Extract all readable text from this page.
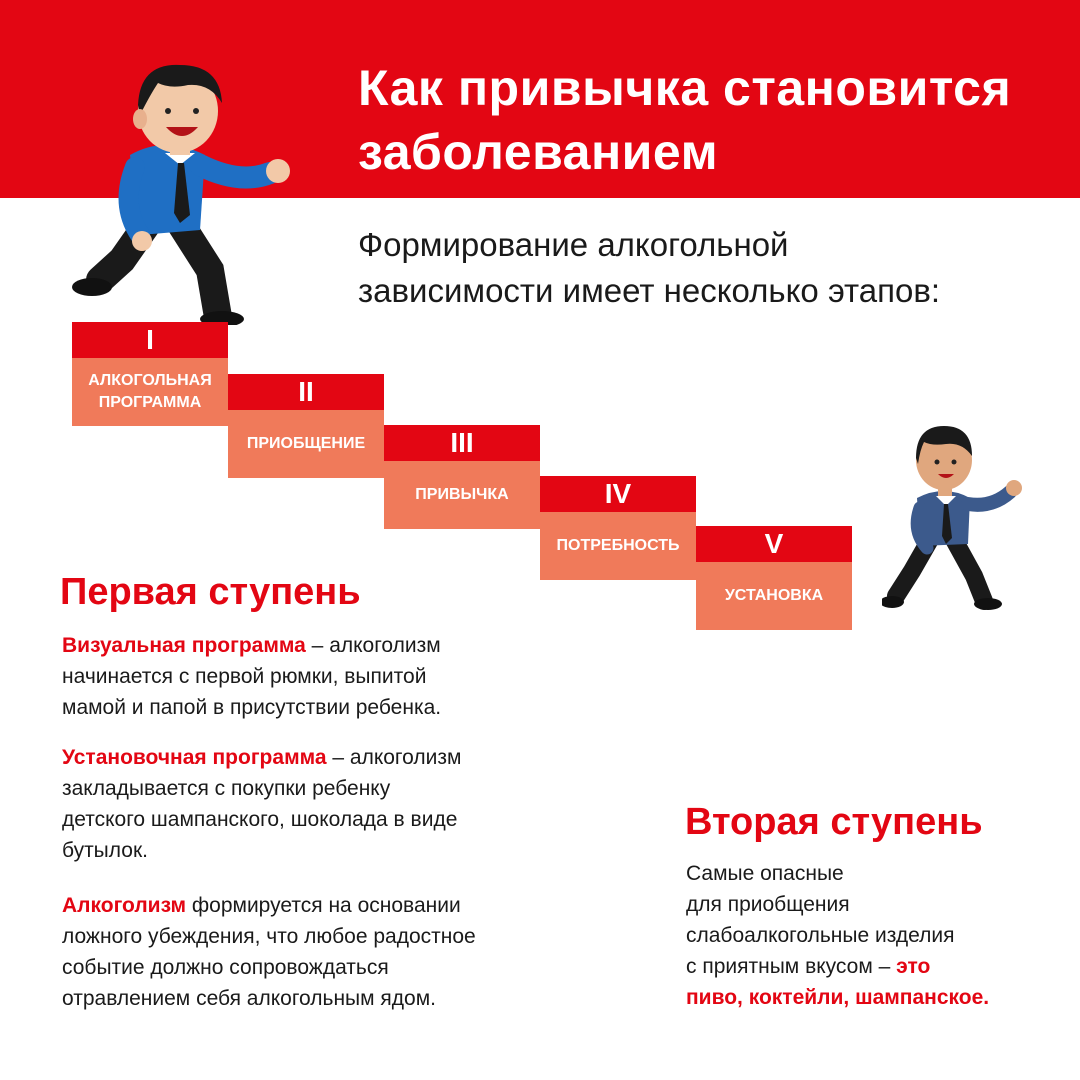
Как привычка становится
заболеванием

Формирование алкогольной
зависимости имеет несколько этапов:

I
АЛКОГОЛЬНАЯ
ПРОГРАММА	II
ПРИОБЩЕНИЕ	III
ПРИВЫЧКА	IV
ПОТРЕБНОСТЬ	V
УСТАНОВКА
Первая ступень

Визуальная программа – алкоголизм
начинается с первой рюмки, выпитой
мамой и папой в присутствии ребенка.

Установочная программа – алкоголизм
закладывается с покупки ребенку
детского шампанского, шоколада в виде
бутылок.

Алкоголизм формируется на основании
ложного убеждения, что любое радостное
событие должно сопровождаться
отравлением себя алкогольным ядом.

Вторая ступень

Самые опасные
для приобщения
слабоалкогольные изделия
с приятным вкусом – это
пиво, коктейли, шампанское.
